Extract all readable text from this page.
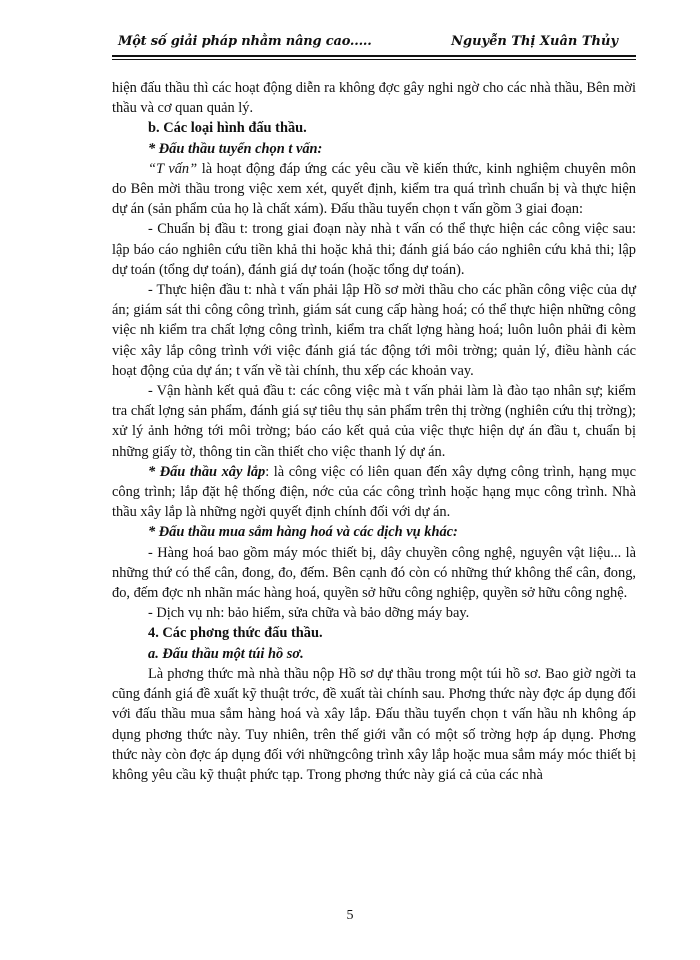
Một số giải pháp nhằm nâng cao.....	Nguyễn Thị Xuân Thủy

hiện đấu thầu thì các hoạt động diễn ra không đợc gây nghi ngờ cho các nhà thầu, Bên mời thầu và cơ quan quản lý.

b. Các loại hình đấu thầu.

* Đấu thầu tuyển chọn t vấn:

“T vấn” là hoạt động đáp ứng các yêu cầu về kiến thức, kinh nghiệm chuyên môn do Bên mời thầu trong việc xem xét, quyết định, kiểm tra quá trình chuẩn bị và thực hiện dự án (sản phẩm của họ là chất xám). Đấu thầu tuyển chọn t vấn gồm 3 giai đoạn:

- Chuẩn bị đầu t: trong giai đoạn này nhà t vấn có thể thực hiện các công việc sau: lập báo cáo nghiên cứu tiền khả thi hoặc khả thi; đánh giá báo cáo nghiên cứu khả thi; lập dự toán (tổng dự toán), đánh giá dự toán (hoặc tổng dự toán).

- Thực hiện đầu t: nhà t vấn phải lập Hồ sơ mời thầu cho các phần công việc của dự án; giám sát thi công công trình, giám sát cung cấp hàng hoá; có thể thực hiện những công việc nh kiểm tra chất lợng công trình, kiểm tra chất lợng hàng hoá; luôn luôn phải đi kèm việc xây lắp công trình với việc đánh giá tác động tới môi trờng; quản lý, điều hành các hoạt động của dự án; t vấn về tài chính, thu xếp các khoản vay.

- Vận hành kết quả đầu t: các công việc mà t vấn phải làm là đào tạo nhân sự; kiểm tra chất lợng sản phẩm, đánh giá sự tiêu thụ sản phẩm trên thị trờng (nghiên cứu thị trờng); xử lý ảnh hởng tới môi trờng; báo cáo kết quả của việc thực hiện dự án đầu t, chuẩn bị những giấy tờ, thông tin cần thiết cho việc thanh lý dự án.

* Đấu thầu xây lắp: là công việc có liên quan đến xây dựng công trình, hạng mục công trình; lắp đặt hệ thống điện, nớc của các công trình hoặc hạng mục công trình. Nhà thầu xây lắp là những ngời quyết định chính đối với dự án.

* Đấu thầu mua sắm hàng hoá và các dịch vụ khác:

- Hàng hoá bao gồm máy móc thiết bị, dây chuyền công nghệ, nguyên vật liệu... là những thứ có thể cân, đong, đo, đếm. Bên cạnh đó còn có những thứ không thể cân, đong, đo, đếm đợc nh nhãn mác hàng hoá, quyền sở hữu công nghiệp, quyền sở hữu công nghệ.

- Dịch vụ nh: bảo hiểm, sửa chữa và bảo dỡng máy bay.

4. Các phơng thức đấu thầu.

a. Đấu thầu một túi hồ sơ.

Là phơng thức mà nhà thầu nộp Hồ sơ dự thầu trong một túi hồ sơ. Bao giờ ngời ta cũng đánh giá đề xuất kỹ thuật trớc, đề xuất tài chính sau. Phơng thức này đợc áp dụng đối với đấu thầu mua sắm hàng hoá và xây lắp. Đấu thầu tuyển chọn t vấn hầu nh không áp dụng phơng thức này. Tuy nhiên, trên thế giới vẫn có một số trờng hợp áp dụng. Phơng thức này còn đợc áp dụng đối với nhữngcông trình xây lắp hoặc mua sắm máy móc thiết bị không yêu cầu kỹ thuật phức tạp. Trong phơng thức này giá cả của các nhà

5
